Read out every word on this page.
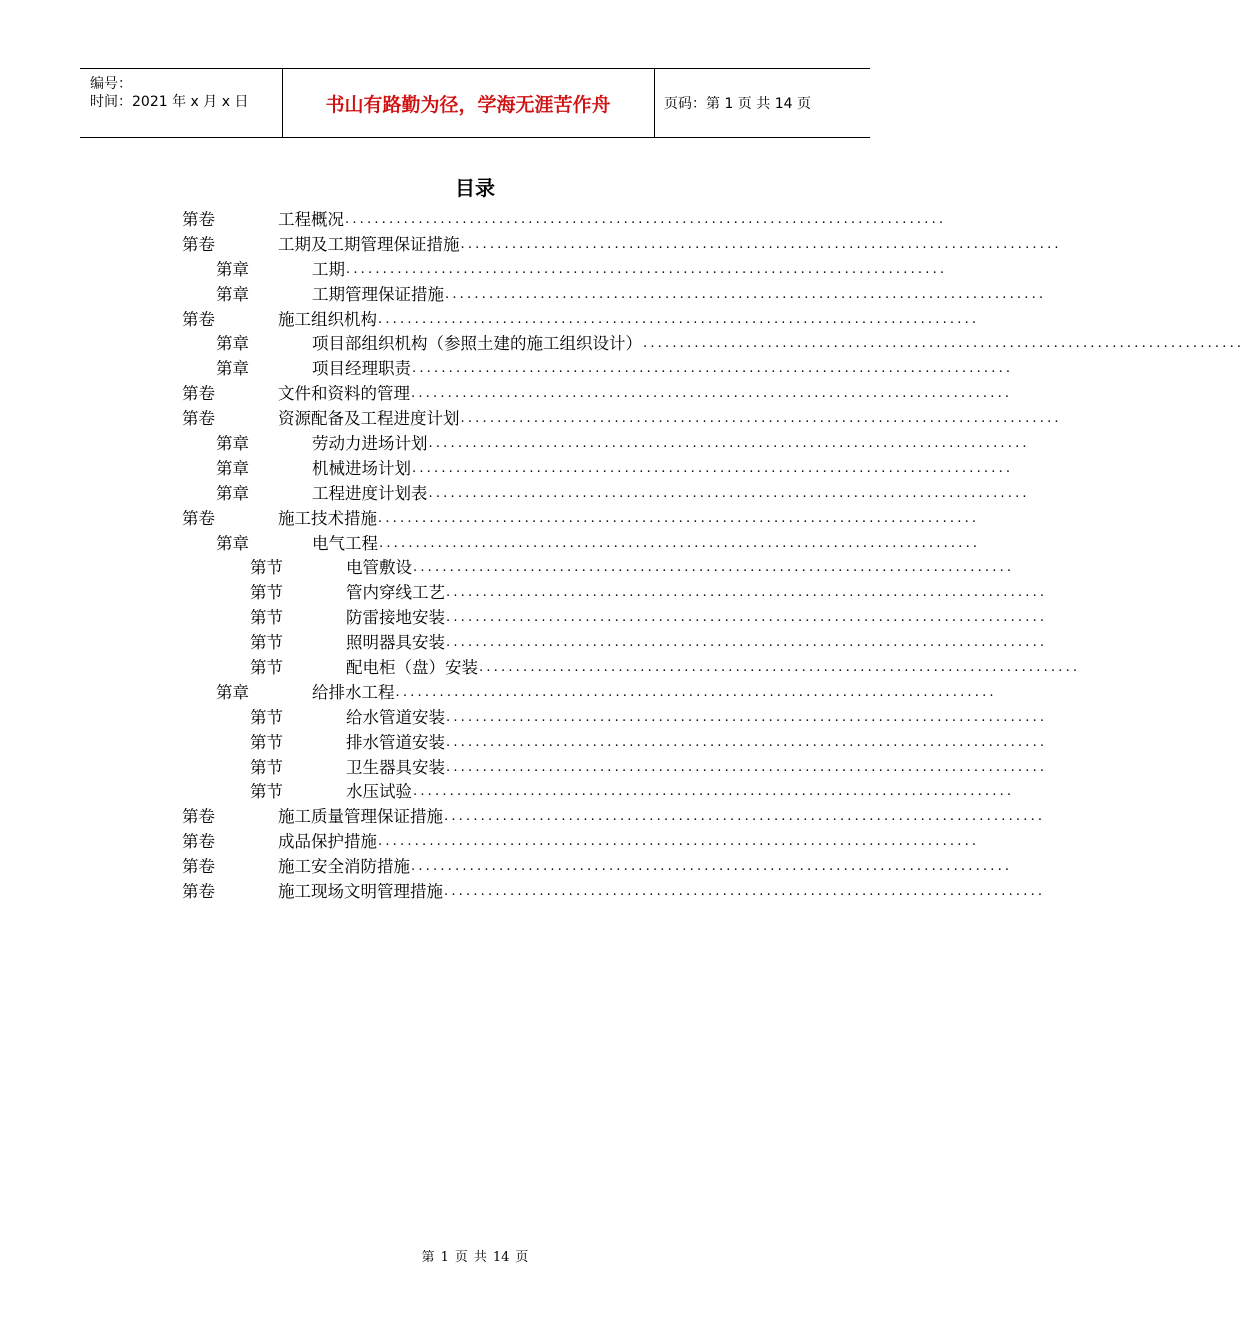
编号：
时间：2021 年 x 月 x 日	书山有路勤为径，学海无涯苦作舟	页码：第 1 页 共 14 页
目录
第卷	工程概况 ..................................................................................
第卷	工期及工期管理保证措施 ..................................................................................
第章	工期 ..................................................................................
第章	工期管理保证措施 ..................................................................................
第卷	施工组织机构 ..................................................................................
第章	项目部组织机构（参照土建的施工组织设计） ..................................................................................
第章	项目经理职责 ..................................................................................
第卷	文件和资料的管理 ..................................................................................
第卷	资源配备及工程进度计划 ..................................................................................
第章	劳动力进场计划 ..................................................................................
第章	机械进场计划 ..................................................................................
第章	工程进度计划表 ..................................................................................
第卷	施工技术措施 ..................................................................................
第章	电气工程 ..................................................................................
第节	电管敷设 ..................................................................................
第节	管内穿线工艺 ..................................................................................
第节	防雷接地安装 ..................................................................................
第节	照明器具安装 ..................................................................................
第节	配电柜（盘）安装 ..................................................................................
第章	给排水工程 ..................................................................................
第节	给水管道安装 ..................................................................................
第节	排水管道安装 ..................................................................................
第节	卫生器具安装 ..................................................................................
第节	水压试验 ..................................................................................
第卷	施工质量管理保证措施 ..................................................................................
第卷	成品保护措施 ..................................................................................
第卷	施工安全消防措施 ..................................................................................
第卷	施工现场文明管理措施 ..................................................................................
第 1 页 共 14 页
